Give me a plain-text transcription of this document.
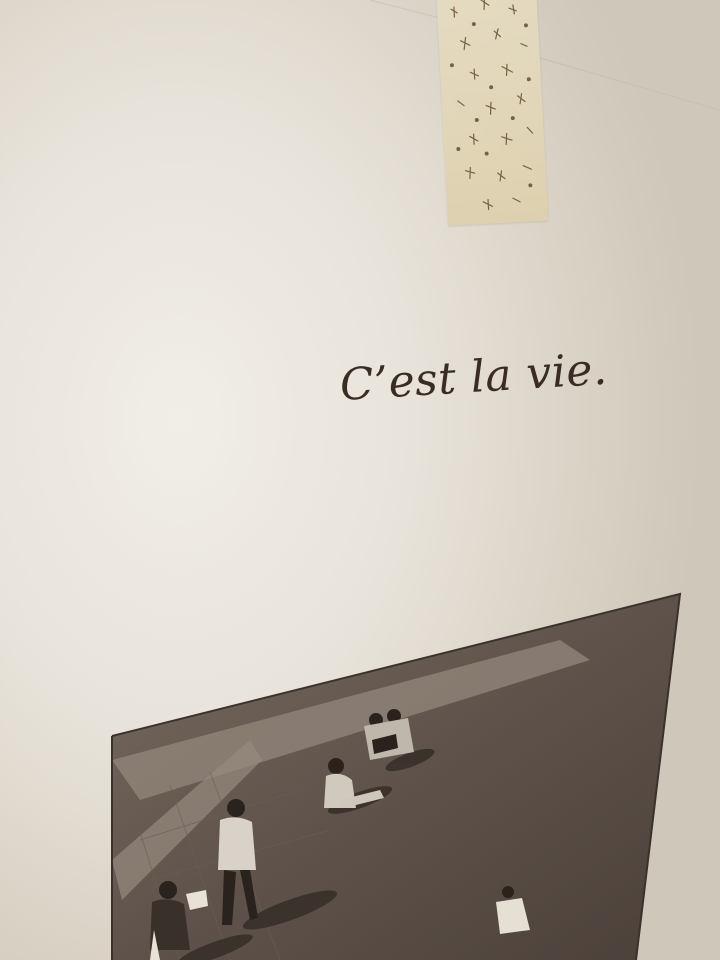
C’est la vie.
